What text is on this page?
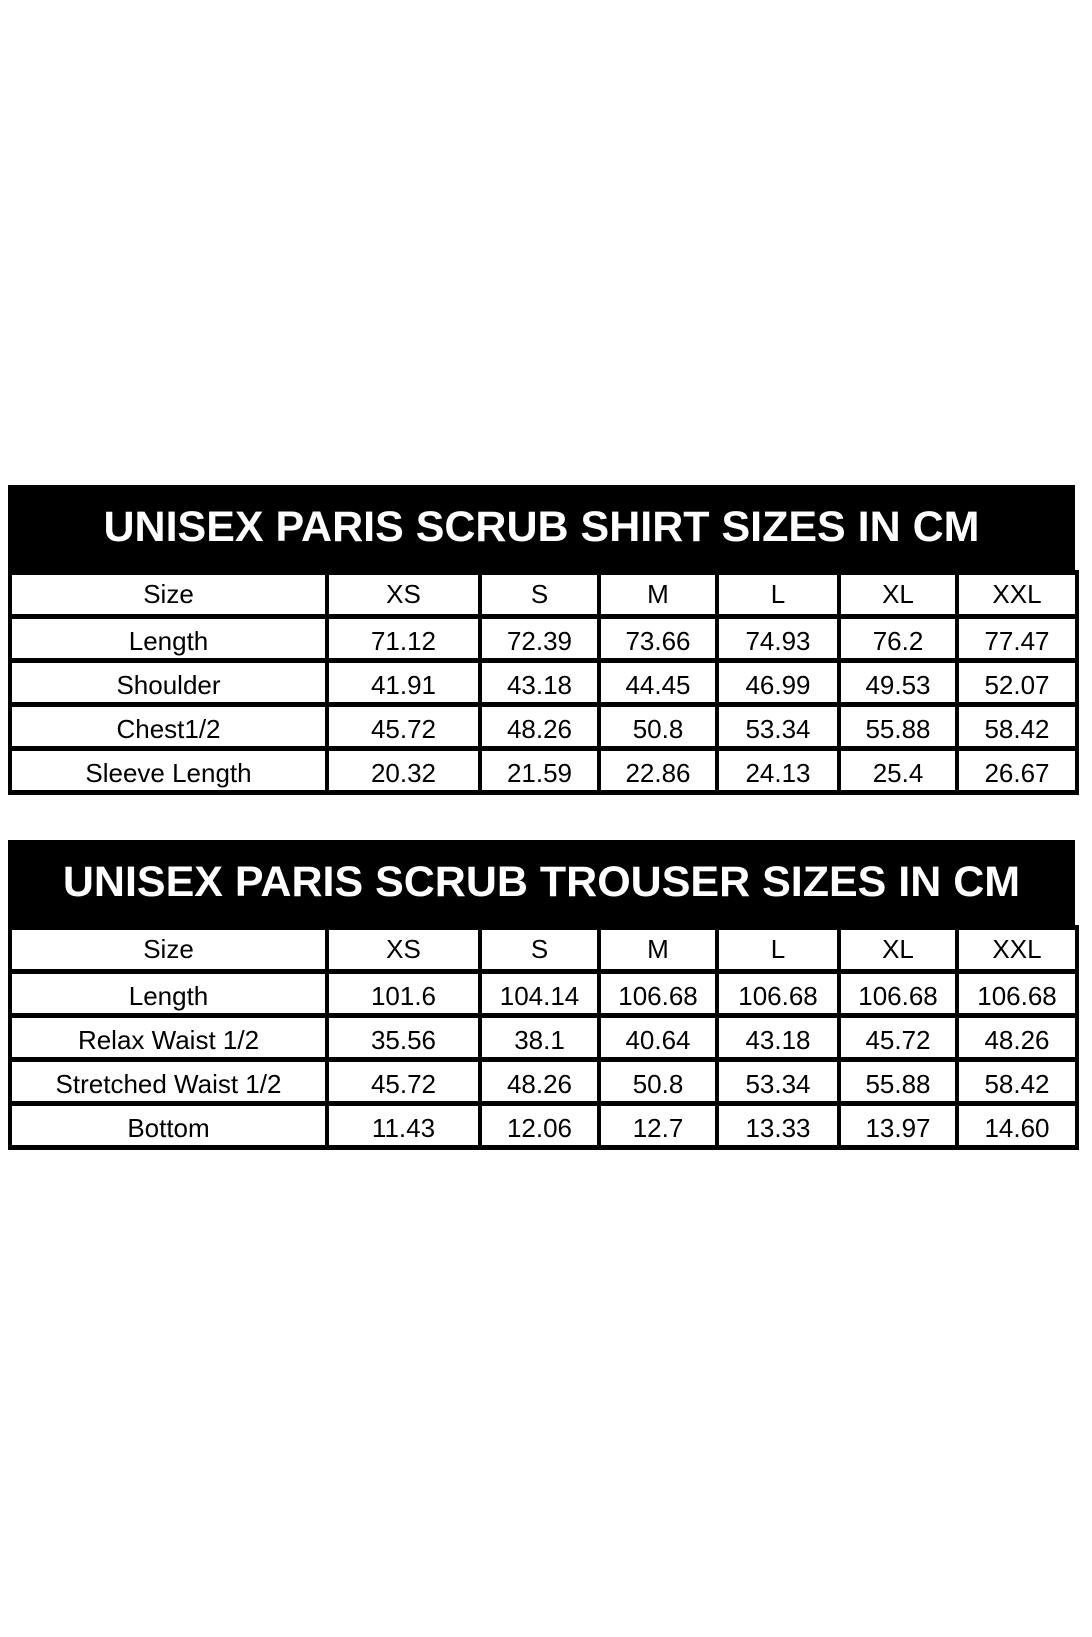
UNISEX PARIS SCRUB SHIRT SIZES IN CM
Size	XS	S	M	L	XL	XXL
Length	71.12	72.39	73.66	74.93	76.2	77.47
Shoulder	41.91	43.18	44.45	46.99	49.53	52.07
Chest1/2	45.72	48.26	50.8	53.34	55.88	58.42
Sleeve Length	20.32	21.59	22.86	24.13	25.4	26.67
UNISEX PARIS SCRUB TROUSER SIZES IN CM
Size	XS	S	M	L	XL	XXL
Length	101.6	104.14	106.68	106.68	106.68	106.68
Relax Waist 1/2	35.56	38.1	40.64	43.18	45.72	48.26
Stretched Waist 1/2	45.72	48.26	50.8	53.34	55.88	58.42
Bottom	11.43	12.06	12.7	13.33	13.97	14.60
